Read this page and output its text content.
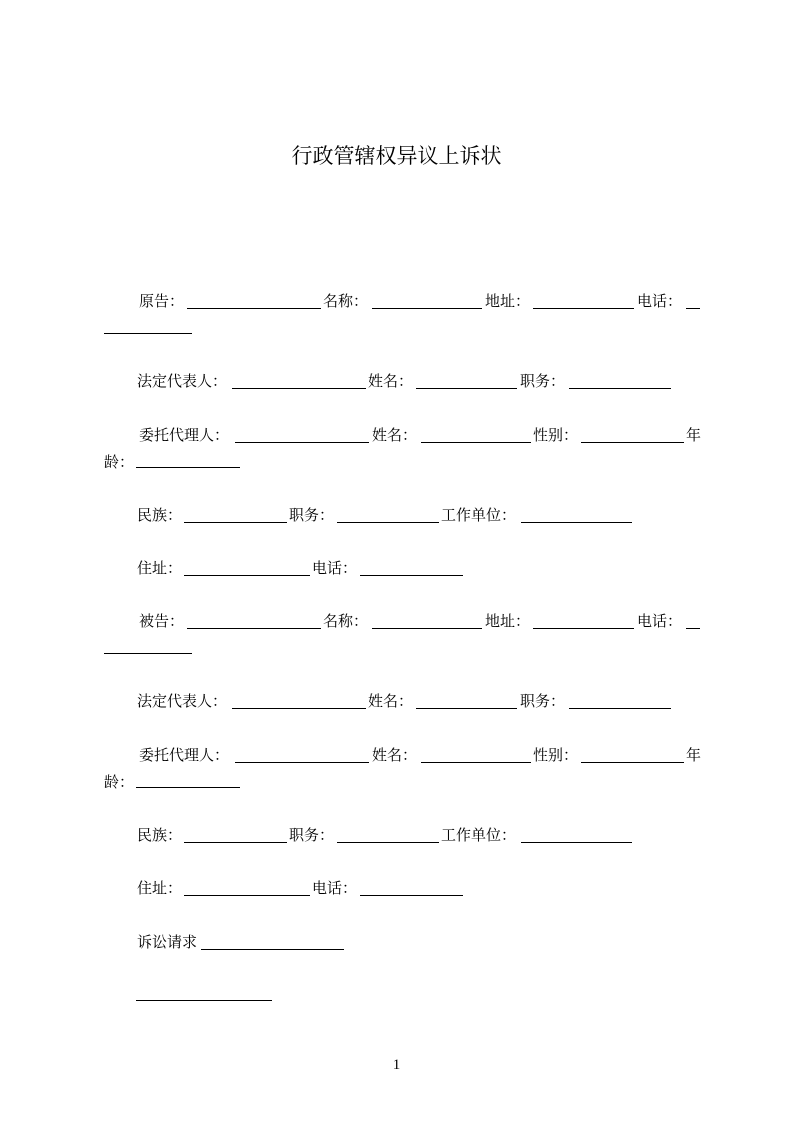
行政管辖权异议上诉状
原告：	名称：	地址：	电话：
法定代表人：	姓名：	职务：
委托代理人：	姓名：	性别：	年
龄：
民族：	职务：	工作单位：
住址：	电话：
被告：	名称：	地址：	电话：
法定代表人：	姓名：	职务：
委托代理人：	姓名：	性别：	年
龄：
民族：	职务：	工作单位：
住址：	电话：
诉讼请求
1
